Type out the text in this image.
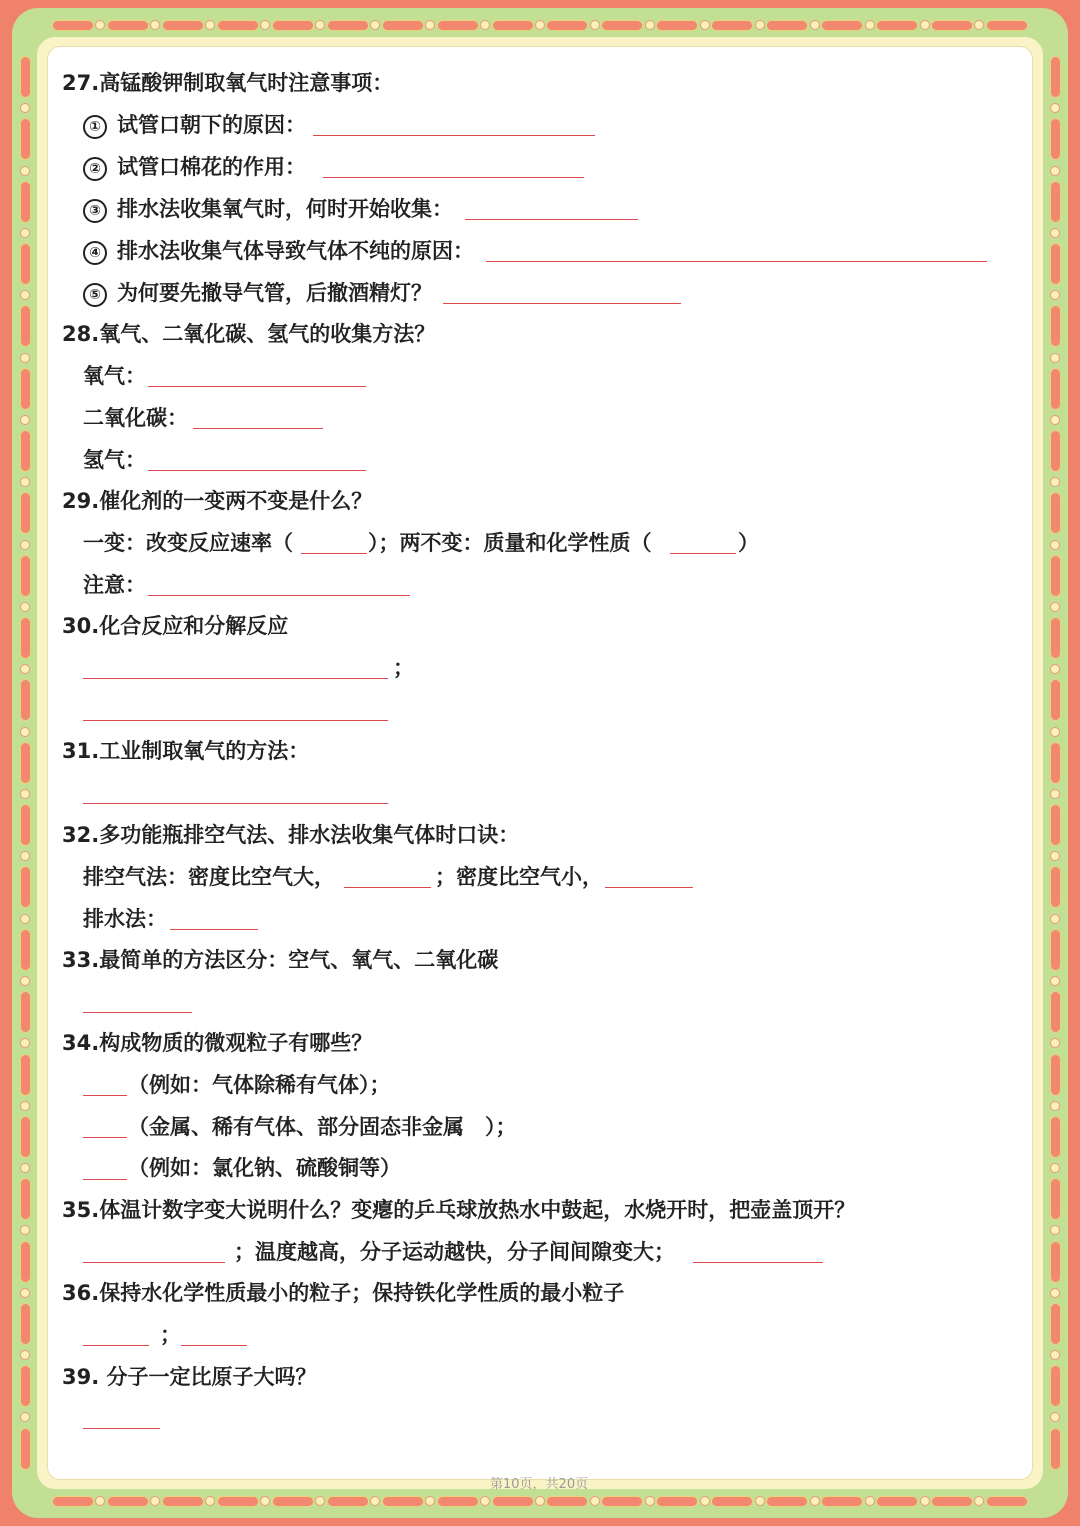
27.高锰酸钾制取氧气时注意事项：
① 试管口朝下的原因：
② 试管口棉花的作用：
③ 排水法收集氧气时，何时开始收集：
④ 排水法收集气体导致气体不纯的原因：
⑤ 为何要先撤导气管，后撤酒精灯？
28.氧气、二氧化碳、氢气的收集方法？
氧气：
二氧化碳：
氢气：
29.催化剂的一变两不变是什么？
一变：改变反应速率（	）；两不变：质量和化学性质（	）
注意：
30.化合反应和分解反应
；
31.工业制取氧气的方法：
32.多功能瓶排空气法、排水法收集气体时口诀：
排空气法：密度比空气大，	；密度比空气小，
排水法：
33.最简单的方法区分：空气、氧气、二氧化碳
34.构成物质的微观粒子有哪些？
（例如：气体除稀有气体）；
（金属、稀有气体、部分固态非金属　）；
（例如：氯化钠、硫酸铜等）
35.体温计数字变大说明什么？变瘪的乒乓球放热水中鼓起，水烧开时，把壶盖顶开？
；温度越高，分子运动越快，分子间间隙变大；
36.保持水化学性质最小的粒子；保持铁化学性质的最小粒子
；
39. 分子一定比原子大吗？
第10页，共20页
